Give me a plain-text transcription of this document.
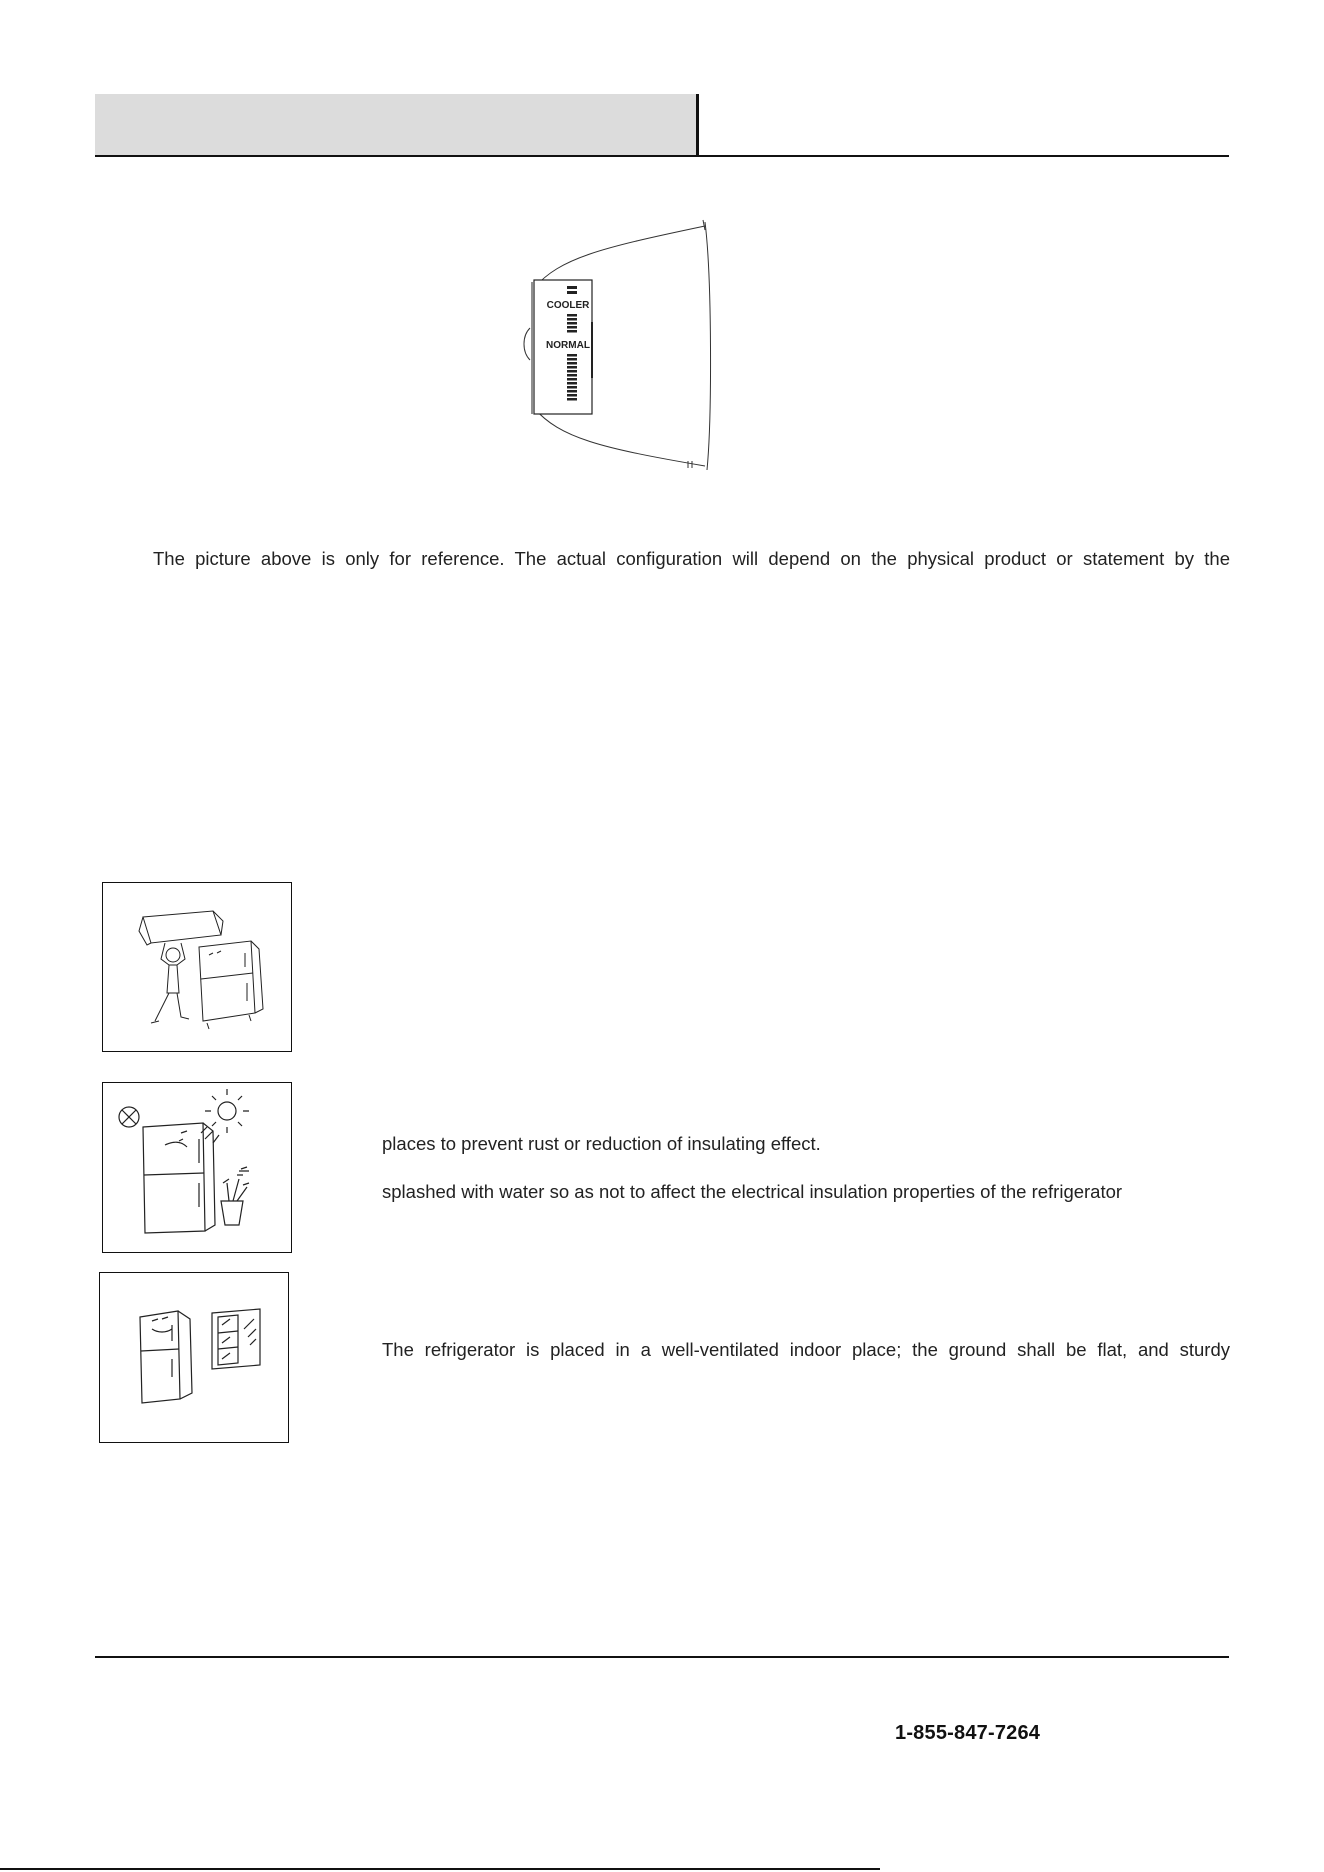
COOLER
NORMAL
The picture above is only for reference. The actual configuration will depend on the physical product or statement by the
places to prevent rust or reduction of insulating effect.
splashed with water so as not to affect the electrical insulation properties of the refrigerator
The refrigerator is placed in a well-ventilated indoor place; the ground shall be flat, and sturdy
1-855-847-7264
